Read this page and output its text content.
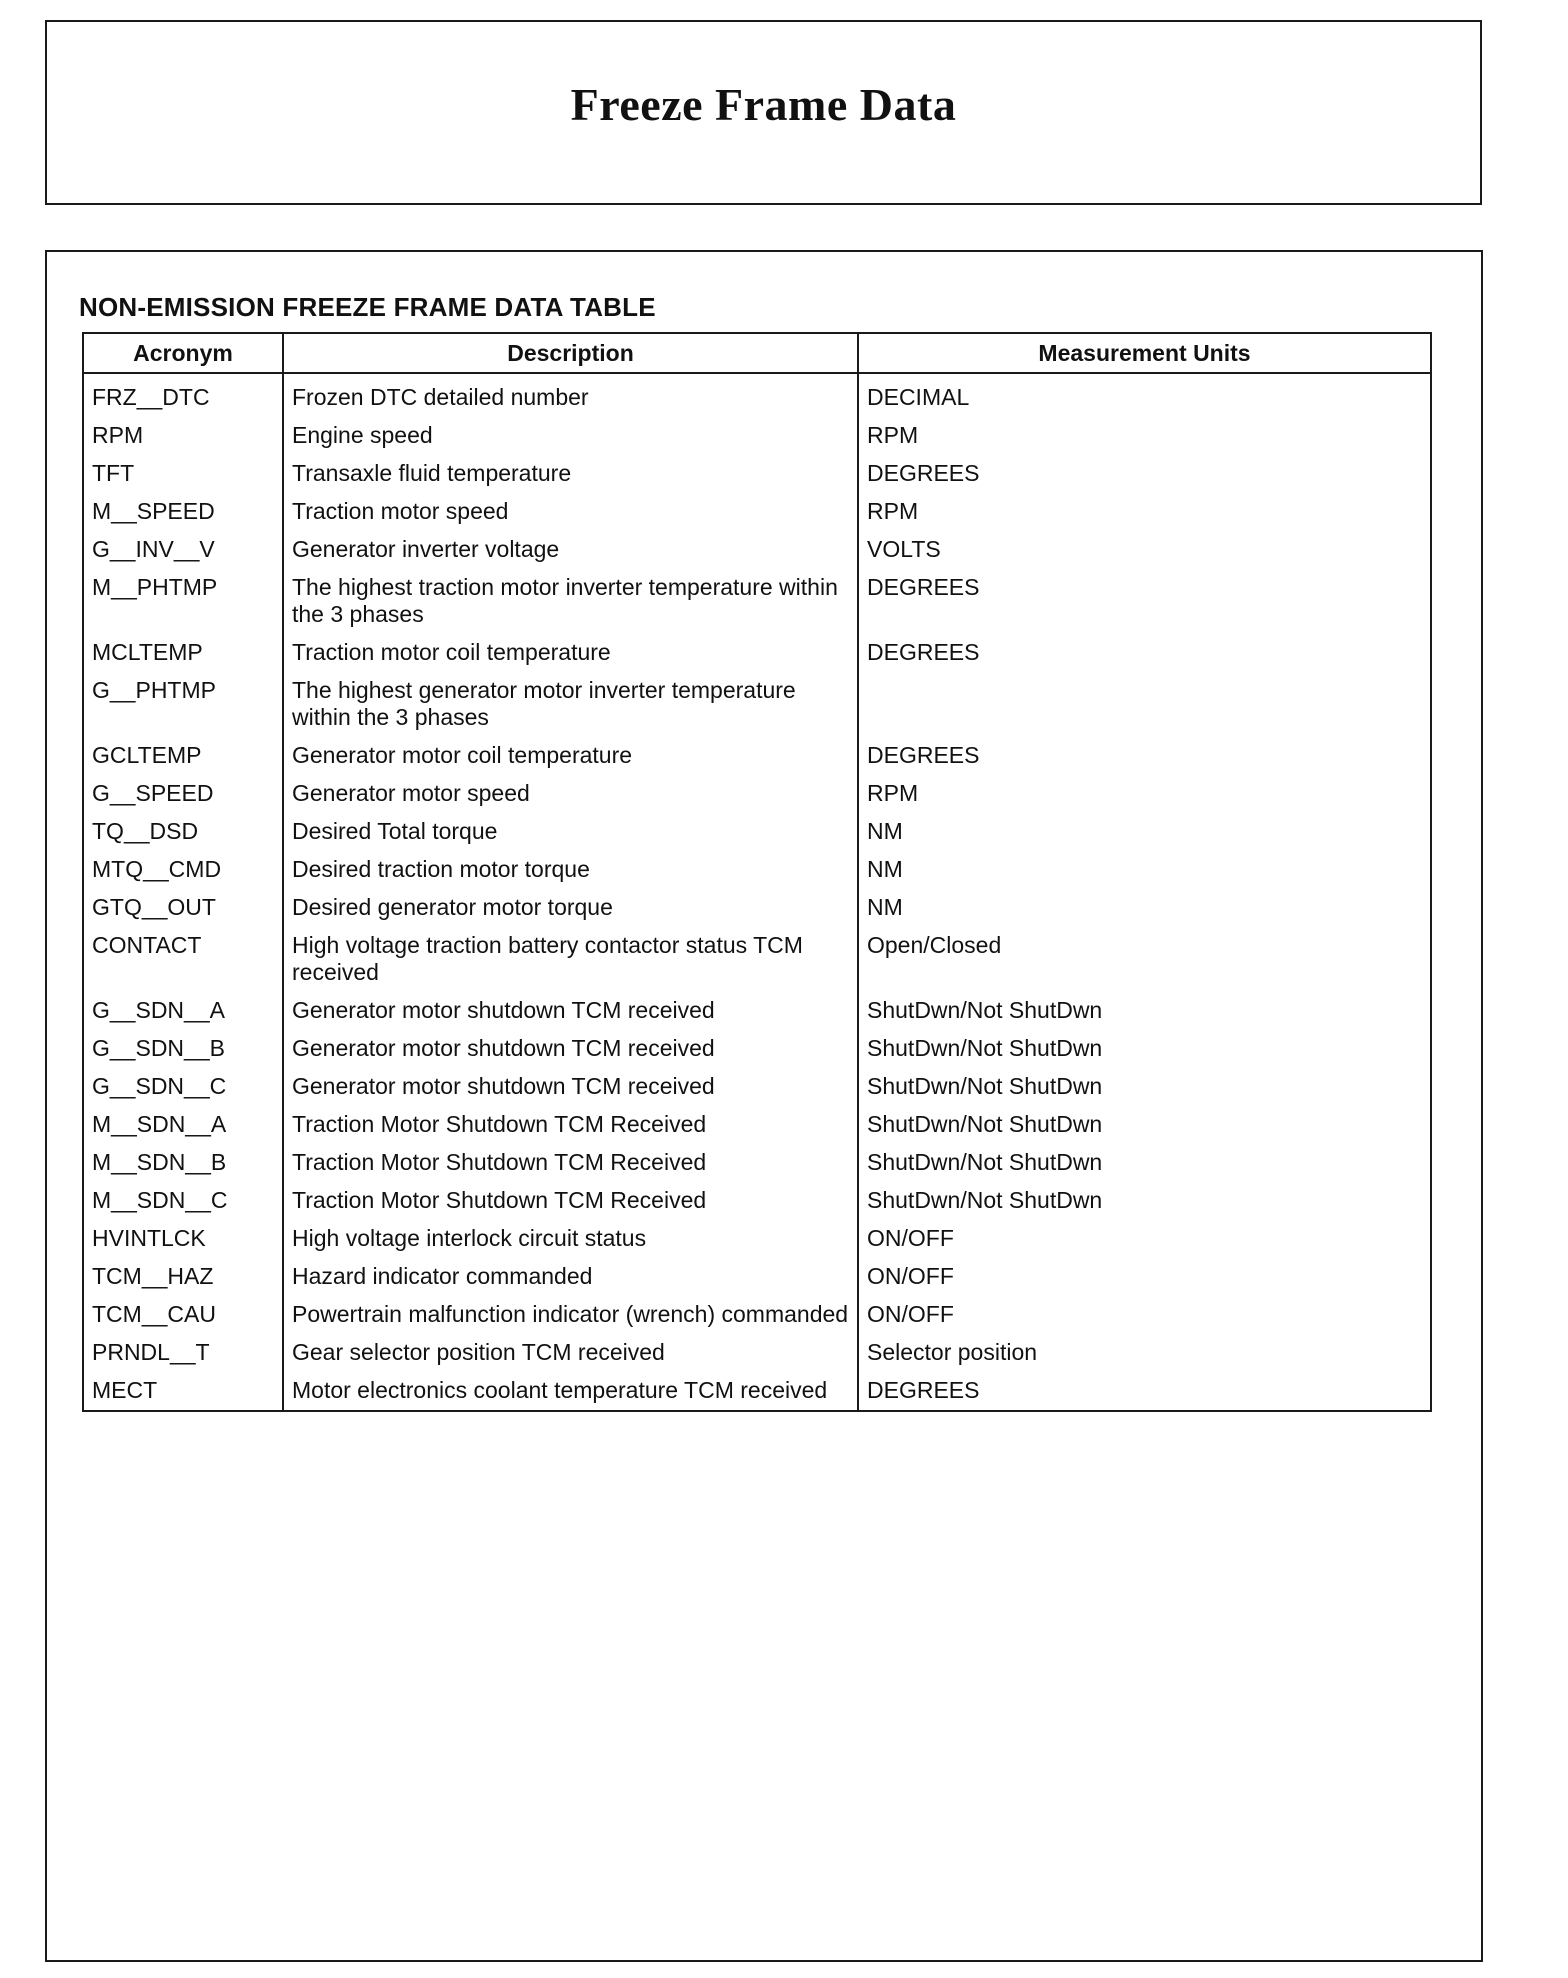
Freeze Frame Data
NON-EMISSION FREEZE FRAME DATA TABLE
Acronym	Description	Measurement Units
FRZ__DTC	Frozen DTC detailed number	DECIMAL
RPM	Engine speed	RPM
TFT	Transaxle fluid temperature	DEGREES
M__SPEED	Traction motor speed	RPM
G__INV__V	Generator inverter voltage	VOLTS
M__PHTMP	The highest traction motor inverter temperature within the 3 phases	DEGREES
MCLTEMP	Traction motor coil temperature	DEGREES
G__PHTMP	The highest generator motor inverter temperature within the 3 phases	
GCLTEMP	Generator motor coil temperature	DEGREES
G__SPEED	Generator motor speed	RPM
TQ__DSD	Desired Total torque	NM
MTQ__CMD	Desired traction motor torque	NM
GTQ__OUT	Desired generator motor torque	NM
CONTACT	High voltage traction battery contactor status TCM received	Open/Closed
G__SDN__A	Generator motor shutdown TCM received	ShutDwn/Not ShutDwn
G__SDN__B	Generator motor shutdown TCM received	ShutDwn/Not ShutDwn
G__SDN__C	Generator motor shutdown TCM received	ShutDwn/Not ShutDwn
M__SDN__A	Traction Motor Shutdown TCM Received	ShutDwn/Not ShutDwn
M__SDN__B	Traction Motor Shutdown TCM Received	ShutDwn/Not ShutDwn
M__SDN__C	Traction Motor Shutdown TCM Received	ShutDwn/Not ShutDwn
HVINTLCK	High voltage interlock circuit status	ON/OFF
TCM__HAZ	Hazard indicator commanded	ON/OFF
TCM__CAU	Powertrain malfunction indicator (wrench) commanded	ON/OFF
PRNDL__T	Gear selector position TCM received	Selector position
MECT	Motor electronics coolant temperature TCM received	DEGREES
